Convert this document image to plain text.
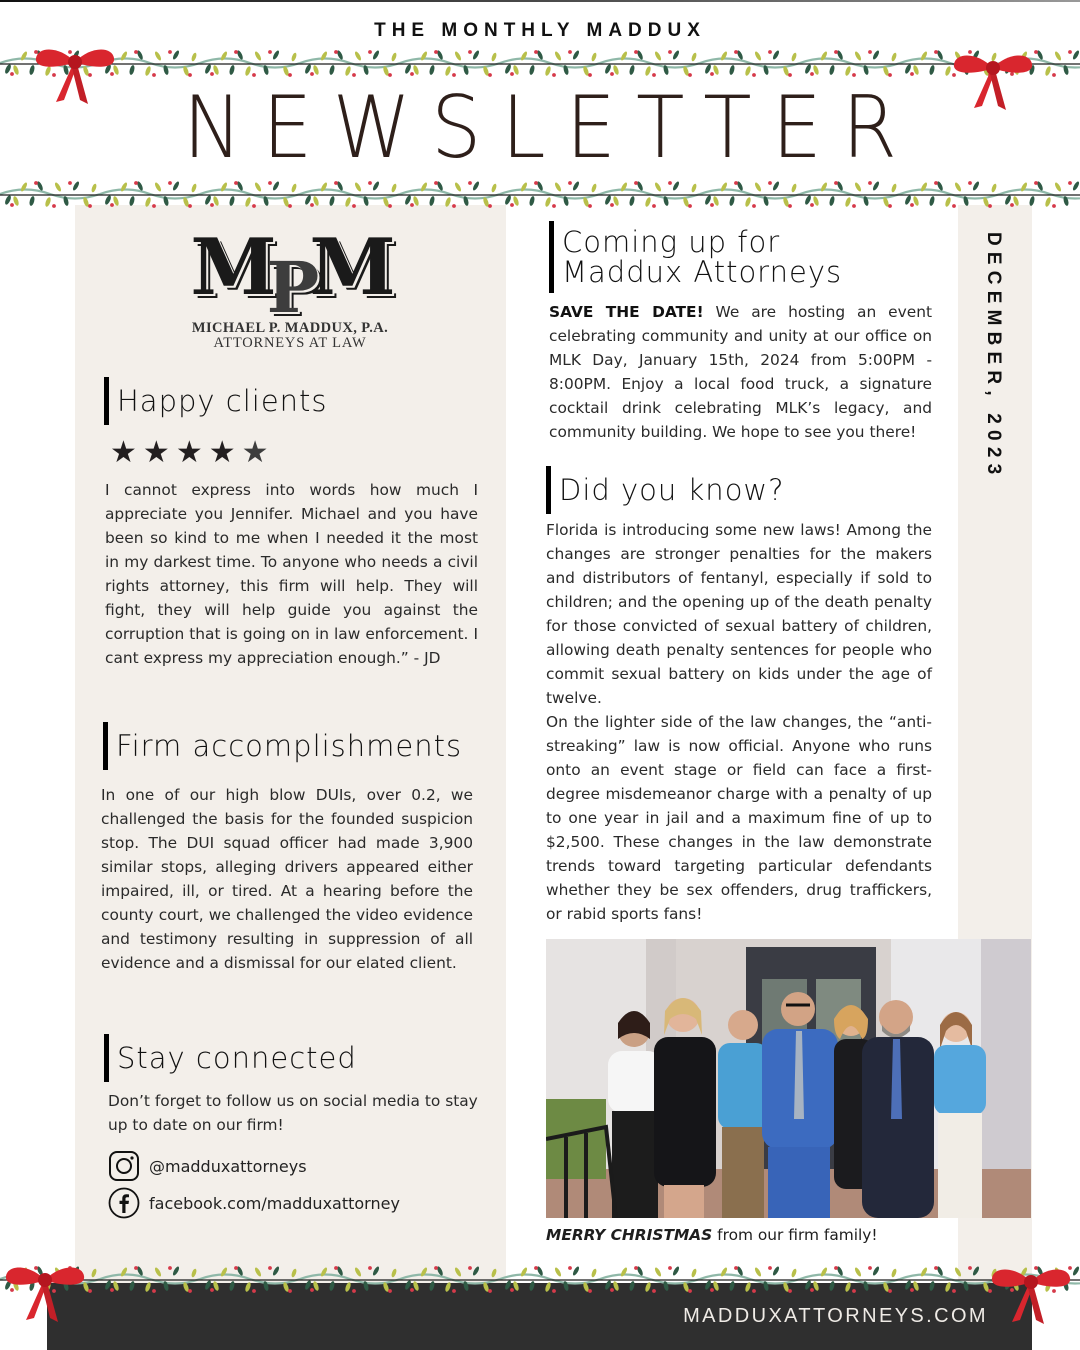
THE MONTHLY MADDUX
NEWSLETTER
DECEMBER, 2023
MPM
MICHAEL P. MADDUX, P.A.
ATTORNEYS AT LAW
Happy clients
★ ★ ★ ★ ★
I cannot express into words how much I appreciate you Jennifer. Michael and you have been so kind to me when I needed it the most in my darkest time. To anyone who needs a civil rights attorney, this firm will help. They will fight, they will help guide you against the corruption that is going on in law enforcement. I cant express my appreciation enough.” - JD
Firm accomplishments
In one of our high blow DUIs, over 0.2, we challenged the basis for the founded suspicion stop. The DUI squad officer had made 3,900 similar stops, alleging drivers appeared either impaired, ill, or tired. At a hearing before the county court, we challenged the video evidence and testimony resulting in suppression of all evidence and a dismissal for our elated client.
Stay connected
Don’t forget to follow us on social media to stay up to date on our firm!
@madduxattorneys
facebook.com/madduxattorney
Coming up for
Maddux Attorneys
SAVE THE DATE! We are hosting an event celebrating community and unity at our office on MLK Day, January 15th, 2024 from 5:00PM - 8:00PM. Enjoy a local food truck, a signature cocktail drink celebrating MLK’s legacy, and community building. We hope to see you there!
Did you know?
Florida is introducing some new laws! Among the changes are stronger penalties for the makers and distributors of fentanyl, especially if sold to children; and the opening up of the death penalty for those convicted of sexual battery of children, allowing death penalty sentences for people who commit sexual battery on kids under the age of twelve.
On the lighter side of the law changes, the “anti-streaking” law is now official. Anyone who runs onto an event stage or field can face a first-degree misdemeanor charge with a penalty of up to one year in jail and a maximum fine of up to $2,500. These changes in the law demonstrate trends toward targeting particular defendants whether they be sex offenders, drug traffickers, or rabid sports fans!
MERRY CHRISTMAS from our firm family!
MADDUXATTORNEYS.COM
